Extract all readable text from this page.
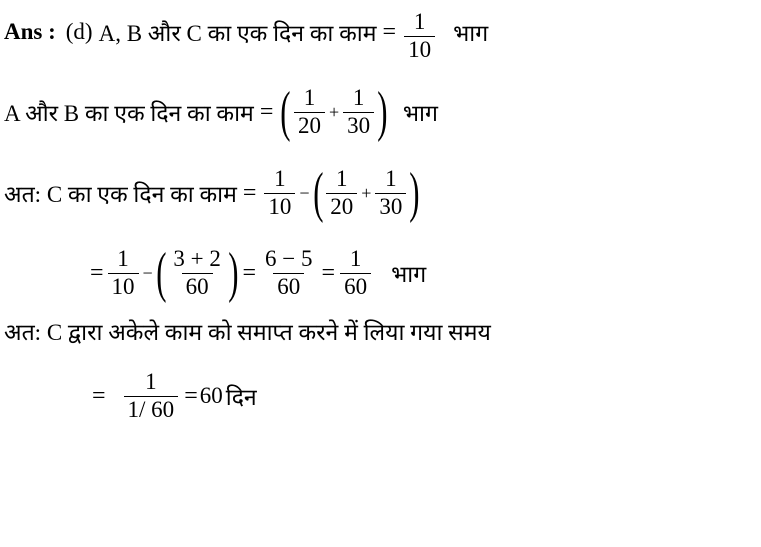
Ans : (d) A, B और C का एक दिन का काम = $\frac{1}{10}$ भाग
A और B का एक दिन का काम = ( $\frac{1}{20} + \frac{1}{30}$ ) भाग
अत: C का एक दिन का काम = $\frac{1}{10}$ − ( $\frac{1}{20} + \frac{1}{30}$ )
= $\frac{1}{10}$ − ( $\frac{3 + 2}{60}$ ) = $\frac{6 - 5}{60} = \frac{1}{60}$ भाग
अत: C द्वारा अकेले काम को समाप्त करने में लिया गया समय
= $\frac{1}{1/ 60} = 60$ दिन
